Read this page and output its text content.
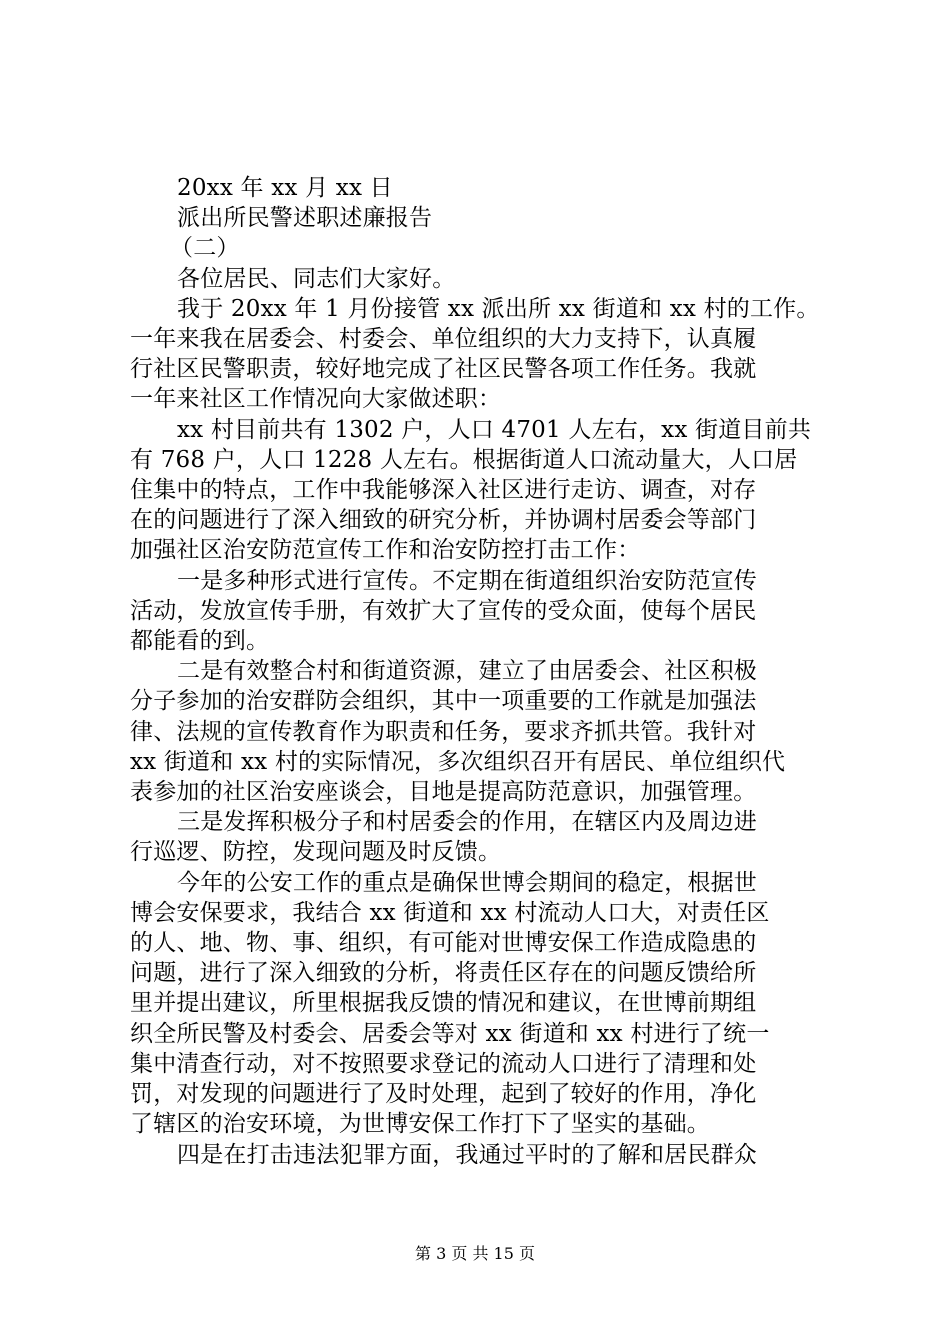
20xx 年 xx 月 xx 日
派出所民警述职述廉报告
（二）
各位居民、同志们大家好。
我于 20xx 年 1 月份接管 xx 派出所 xx 街道和 xx 村的工作。
一年来我在居委会、村委会、单位组织的大力支持下，认真履
行社区民警职责，较好地完成了社区民警各项工作任务。我就
一年来社区工作情况向大家做述职：
xx 村目前共有 1302 户，人口 4701 人左右，xx 街道目前共
有 768 户，人口 1228 人左右。根据街道人口流动量大，人口居
住集中的特点，工作中我能够深入社区进行走访、调查，对存
在的问题进行了深入细致的研究分析，并协调村居委会等部门
加强社区治安防范宣传工作和治安防控打击工作：
一是多种形式进行宣传。不定期在街道组织治安防范宣传
活动，发放宣传手册，有效扩大了宣传的受众面，使每个居民
都能看的到。
二是有效整合村和街道资源，建立了由居委会、社区积极
分子参加的治安群防会组织，其中一项重要的工作就是加强法
律、法规的宣传教育作为职责和任务，要求齐抓共管。我针对
xx 街道和 xx 村的实际情况，多次组织召开有居民、单位组织代
表参加的社区治安座谈会，目地是提高防范意识，加强管理。
三是发挥积极分子和村居委会的作用，在辖区内及周边进
行巡逻、防控，发现问题及时反馈。
今年的公安工作的重点是确保世博会期间的稳定，根据世
博会安保要求，我结合 xx 街道和 xx 村流动人口大，对责任区
的人、地、物、事、组织，有可能对世博安保工作造成隐患的
问题，进行了深入细致的分析，将责任区存在的问题反馈给所
里并提出建议，所里根据我反馈的情况和建议，在世博前期组
织全所民警及村委会、居委会等对 xx 街道和 xx 村进行了统一
集中清查行动，对不按照要求登记的流动人口进行了清理和处
罚，对发现的问题进行了及时处理，起到了较好的作用，净化
了辖区的治安环境，为世博安保工作打下了坚实的基础。
四是在打击违法犯罪方面，我通过平时的了解和居民群众
第 3 页 共 15 页
